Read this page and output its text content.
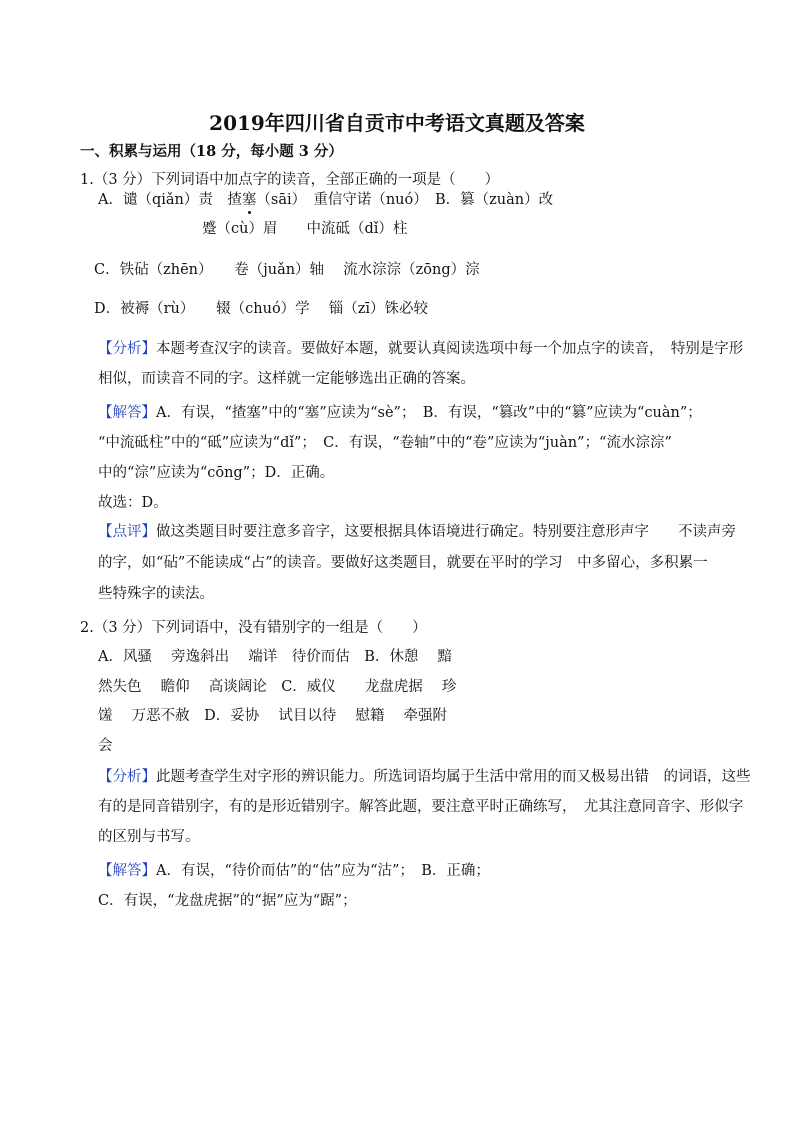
2019年四川省自贡市中考语文真题及答案
一、积累与运用（18 分，每小题 3 分）
1.（3 分）下列词语中加点字的读音，全部正确的一项是（　　）
A．谴（qiǎn）责　揸塞（sāi）　重信守诺（nuó）　B．篡（zuàn）改
蹙（cù）眉　　中流砥（dǐ）柱
C．铁砧（zhēn）　　卷（juǎn）轴　 流水淙淙（zōng）淙
D．被褥（rù）　　辍（chuó）学　 锱（zī）铢必较
【分析】本题考查汉字的读音。要做好本题，就要认真阅读选项中每一个加点字的读音，　特别是字形
相似，而读音不同的字。这样就一定能够选出正确的答案。
【解答】A．有误，“揸塞”中的“塞”应读为“sè”；　B．有误，“篡改”中的“篡”应读为“cuàn”；
“中流砥柱”中的“砥”应读为“dǐ”；　C．有误，“卷轴”中的“卷”应读为“juàn”；“流水淙淙”
中的“淙”应读为“cōng”；D．正确。
故选：D。
【点评】做这类题目时要注意多音字，这要根据具体语境进行确定。特别要注意形声字　　不读声旁
的字，如“砧”不能读成“占”的读音。要做好这类题目，就要在平时的学习　中多留心，多积累一
些特殊字的读法。
2.（3 分）下列词语中，没有错别字的一组是（　　）
A．风骚　 旁逸斜出　 端详　待价而估　B．休憩　 黯
然失色　 瞻仰　 高谈阔论　C．威仪　　龙盘虎据　 珍
馐　 万恶不赦　D．妥协　 试目以待　 慰籍　 牵强附
会
【分析】此题考查学生对字形的辨识能力。所选词语均属于生活中常用的而又极易出错　的词语，这些
有的是同音错别字，有的是形近错别字。解答此题，要注意平时正确练写，　尤其注意同音字、形似字
的区别与书写。
【解答】A．有误，“待价而估”的“估”应为“沽”；　B．正确；
C．有误，“龙盘虎据”的“据”应为“踞”；
